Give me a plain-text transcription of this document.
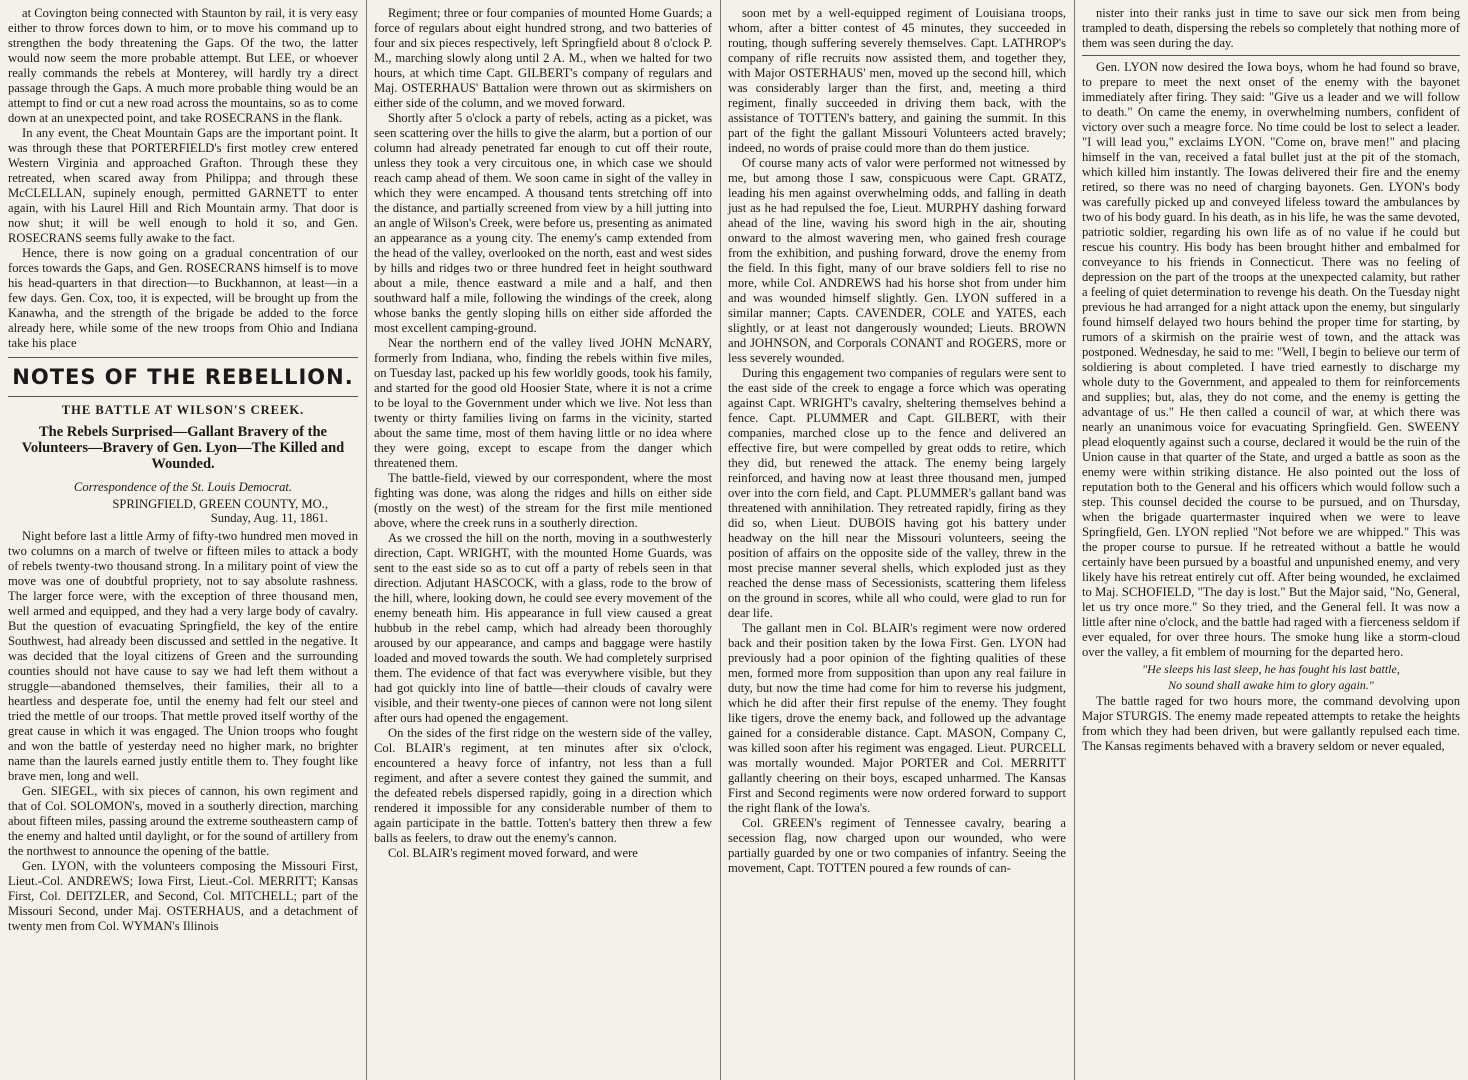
at Covington being connected with Staunton by rail, it is very easy either to throw forces down to him, or to move his command up to strengthen the body threatening the Gaps. Of the two, the latter would now seem the more probable attempt. But LEE, or whoever really commands the rebels at Monterey, will hardly try a direct passage through the Gaps. A much more probable thing would be an attempt to find or cut a new road across the mountains, so as to come down at an unexpected point, and take ROSECRANS in the flank.

In any event, the Cheat Mountain Gaps are the important point. It was through these that PORTERFIELD's first motley crew entered Western Virginia and approached Grafton. Through these they retreated, when scared away from Philippa; and through these McCLELLAN, supinely enough, permitted GARNETT to enter again, with his Laurel Hill and Rich Mountain army. That door is now shut; it will be well enough to hold it so, and Gen. ROSECRANS seems fully awake to the fact.

Hence, there is now going on a gradual concentration of our forces towards the Gaps, and Gen. ROSECRANS himself is to move his head-quarters in that direction—to Buckhannon, at least—in a few days. Gen. Cox, too, it is expected, will be brought up from the Kanawha, and the strength of the brigade be added to the force already here, while some of the new troops from Ohio and Indiana take his place

NOTES OF THE REBELLION.
THE BATTLE AT WILSON'S CREEK.
The Rebels Surprised—Gallant Bravery of the Volunteers—Bravery of Gen. Lyon—The Killed and Wounded.
Correspondence of the St. Louis Democrat.
SPRINGFIELD, GREEN COUNTY, MO.,
Sunday, Aug. 11, 1861.

Night before last a little Army of fifty-two hundred men moved in two columns on a march of twelve or fifteen miles to attack a body of rebels twenty-two thousand strong. In a military point of view the move was one of doubtful propriety, not to say absolute rashness. The larger force were, with the exception of three thousand men, well armed and equipped, and they had a very large body of cavalry. But the question of evacuating Springfield, the key of the entire Southwest, had already been discussed and settled in the negative. It was decided that the loyal citizens of Green and the surrounding counties should not have cause to say we had left them without a struggle—abandoned themselves, their families, their all to a heartless and desperate foe, until the enemy had felt our steel and tried the mettle of our troops. That mettle proved itself worthy of the great cause in which it was engaged. The Union troops who fought and won the battle of yesterday need no higher mark, no brighter name than the laurels earned justly entitle them to. They fought like brave men, long and well.

Gen. SIEGEL, with six pieces of cannon, his own regiment and that of Col. SOLOMON's, moved in a southerly direction, marching about fifteen miles, passing around the extreme southeastern camp of the enemy and halted until daylight, or for the sound of artillery from the northwest to announce the opening of the battle.

Gen. LYON, with the volunteers composing the Missouri First, Lieut.-Col. ANDREWS; Iowa First, Lieut.-Col. MERRITT; Kansas First, Col. DEITZLER, and Second, Col. MITCHELL; part of the Missouri Second, under Maj. OSTERHAUS, and a detachment of twenty men from Col. WYMAN's Illinois

Regiment; three or four companies of mounted Home Guards; a force of regulars about eight hundred strong, and two batteries of four and six pieces respectively, left Springfield about 8 o'clock P. M., marching slowly along until 2 A. M., when we halted for two hours, at which time Capt. GILBERT's company of regulars and Maj. OSTERHAUS' Battalion were thrown out as skirmishers on either side of the column, and we moved forward.

Shortly after 5 o'clock a party of rebels, acting as a picket, was seen scattering over the hills to give the alarm, but a portion of our column had already penetrated far enough to cut off their route, unless they took a very circuitous one, in which case we should reach camp ahead of them. We soon came in sight of the valley in which they were encamped. A thousand tents stretching off into the distance, and partially screened from view by a hill jutting into an angle of Wilson's Creek, were before us, presenting as animated an appearance as a young city. The enemy's camp extended from the head of the valley, overlooked on the north, east and west sides by hills and ridges two or three hundred feet in height southward about a mile, thence eastward a mile and a half, and then southward half a mile, following the windings of the creek, along whose banks the gently sloping hills on either side afforded the most excellent camping-ground.

Near the northern end of the valley lived JOHN McNARY, formerly from Indiana, who, finding the rebels within five miles, on Tuesday last, packed up his few worldly goods, took his family, and started for the good old Hoosier State, where it is not a crime to be loyal to the Government under which we live. Not less than twenty or thirty families living on farms in the vicinity, started about the same time, most of them having little or no idea where they were going, except to escape from the danger which threatened them.

The battle-field, viewed by our correspondent, where the most fighting was done, was along the ridges and hills on either side (mostly on the west) of the stream for the first mile mentioned above, where the creek runs in a southerly direction.

As we crossed the hill on the north, moving in a southwesterly direction, Capt. WRIGHT, with the mounted Home Guards, was sent to the east side so as to cut off a party of rebels seen in that direction. Adjutant HASCOCK, with a glass, rode to the brow of the hill, where, looking down, he could see every movement of the enemy beneath him. His appearance in full view caused a great hubbub in the rebel camp, which had already been thoroughly aroused by our appearance, and camps and baggage were hastily loaded and moved towards the south. We had completely surprised them. The evidence of that fact was everywhere visible, but they had got quickly into line of battle—their clouds of cavalry were visible, and their twenty-one pieces of cannon were not long silent after ours had opened the engagement.

On the sides of the first ridge on the western side of the valley, Col. BLAIR's regiment, at ten minutes after six o'clock, encountered a heavy force of infantry, not less than a full regiment, and after a severe contest they gained the summit, and the defeated rebels dispersed rapidly, going in a direction which rendered it impossible for any considerable number of them to again participate in the battle. Totten's battery then threw a few balls as feelers, to draw out the enemy's cannon.

Col. BLAIR's regiment moved forward, and were

soon met by a well-equipped regiment of Louisiana troops, whom, after a bitter contest of 45 minutes, they succeeded in routing, though suffering severely themselves. Capt. LATHROP's company of rifle recruits now assisted them, and together they, with Major OSTERHAUS' men, moved up the second hill, which was considerably larger than the first, and, meeting a third regiment, finally succeeded in driving them back, with the assistance of TOTTEN's battery, and gaining the summit. In this part of the fight the gallant Missouri Volunteers acted bravely; indeed, no words of praise could more than do them justice.

Of course many acts of valor were performed not witnessed by me, but among those I saw, conspicuous were Capt. GRATZ, leading his men against overwhelming odds, and falling in death just as he had repulsed the foe, Lieut. MURPHY dashing forward ahead of the line, waving his sword high in the air, shouting onward to the almost wavering men, who gained fresh courage from the exhibition, and pushing forward, drove the enemy from the field. In this fight, many of our brave soldiers fell to rise no more, while Col. ANDREWS had his horse shot from under him and was wounded himself slightly. Gen. LYON suffered in a similar manner; Capts. CAVENDER, COLE and YATES, each slightly, or at least not dangerously wounded; Lieuts. BROWN and JOHNSON, and Corporals CONANT and ROGERS, more or less severely wounded.

During this engagement two companies of regulars were sent to the east side of the creek to engage a force which was operating against Capt. WRIGHT's cavalry, sheltering themselves behind a fence. Capt. PLUMMER and Capt. GILBERT, with their companies, marched close up to the fence and delivered an effective fire, but were compelled by great odds to retire, which they did, but renewed the attack. The enemy being largely reinforced, and having now at least three thousand men, jumped over into the corn field, and Capt. PLUMMER's gallant band was threatened with annihilation. They retreated rapidly, firing as they did so, when Lieut. DUBOIS having got his battery under headway on the hill near the Missouri volunteers, seeing the position of affairs on the opposite side of the valley, threw in the most precise manner several shells, which exploded just as they reached the dense mass of Secessionists, scattering them lifeless on the ground in scores, while all who could, were glad to run for dear life.

The gallant men in Col. BLAIR's regiment were now ordered back and their position taken by the Iowa First. Gen. LYON had previously had a poor opinion of the fighting qualities of these men, formed more from supposition than upon any real failure in duty, but now the time had come for him to reverse his judgment, which he did after their first repulse of the enemy. They fought like tigers, drove the enemy back, and followed up the advantage gained for a considerable distance. Capt. MASON, Company C, was killed soon after his regiment was engaged. Lieut. PURCELL was mortally wounded. Major PORTER and Col. MERRITT gallantly cheering on their boys, escaped unharmed. The Kansas First and Second regiments were now ordered forward to support the right flank of the Iowa's.

Col. GREEN's regiment of Tennessee cavalry, bearing a secession flag, now charged upon our wounded, who were partially guarded by one or two companies of infantry. Seeing the movement, Capt. TOTTEN poured a few rounds of can-

nister into their ranks just in time to save our sick men from being trampled to death, dispersing the rebels so completely that nothing more of them was seen during the day.

Gen. LYON now desired the Iowa boys, whom he had found so brave, to prepare to meet the next onset of the enemy with the bayonet immediately after firing. They said: "Give us a leader and we will follow to death." On came the enemy, in overwhelming numbers, confident of victory over such a meagre force. No time could be lost to select a leader. "I will lead you," exclaims LYON. "Come on, brave men!" and placing himself in the van, received a fatal bullet just at the pit of the stomach, which killed him instantly. The Iowas delivered their fire and the enemy retired, so there was no need of charging bayonets. Gen. LYON's body was carefully picked up and conveyed lifeless toward the ambulances by two of his body guard. In his death, as in his life, he was the same devoted, patriotic soldier, regarding his own life as of no value if he could but rescue his country. His body has been brought hither and embalmed for conveyance to his friends in Connecticut. There was no feeling of depression on the part of the troops at the unexpected calamity, but rather a feeling of quiet determination to revenge his death. On the Tuesday night previous he had arranged for a night attack upon the enemy, but singularly found himself delayed two hours behind the proper time for starting, by rumors of a skirmish on the prairie west of town, and the attack was postponed. Wednesday, he said to me: "Well, I begin to believe our term of soldiering is about completed. I have tried earnestly to discharge my whole duty to the Government, and appealed to them for reinforcements and supplies; but, alas, they do not come, and the enemy is getting the advantage of us." He then called a council of war, at which there was nearly an unanimous voice for evacuating Springfield. Gen. SWEENY plead eloquently against such a course, declared it would be the ruin of the Union cause in that quarter of the State, and urged a battle as soon as the enemy were within striking distance. He also pointed out the loss of reputation both to the General and his officers which would follow such a step. This counsel decided the course to be pursued, and on Thursday, when the brigade quartermaster inquired when we were to leave Springfield, Gen. LYON replied "Not before we are whipped." This was the proper course to pursue. If he retreated without a battle he would certainly have been pursued by a boastful and unpunished enemy, and very likely have his retreat entirely cut off. After being wounded, he exclaimed to Maj. SCHOFIELD, "The day is lost." But the Major said, "No, General, let us try once more." So they tried, and the General fell. It was now a little after nine o'clock, and the battle had raged with a fierceness seldom if ever equaled, for over three hours. The smoke hung like a storm-cloud over the valley, a fit emblem of mourning for the departed hero.

"He sleeps his last sleep, he has fought his last battle,
No sound shall awake him to glory again."

The battle raged for two hours more, the command devolving upon Major STURGIS. The enemy made repeated attempts to retake the heights from which they had been driven, but were gallantly repulsed each time. The Kansas regiments behaved with a bravery seldom or never equaled,
